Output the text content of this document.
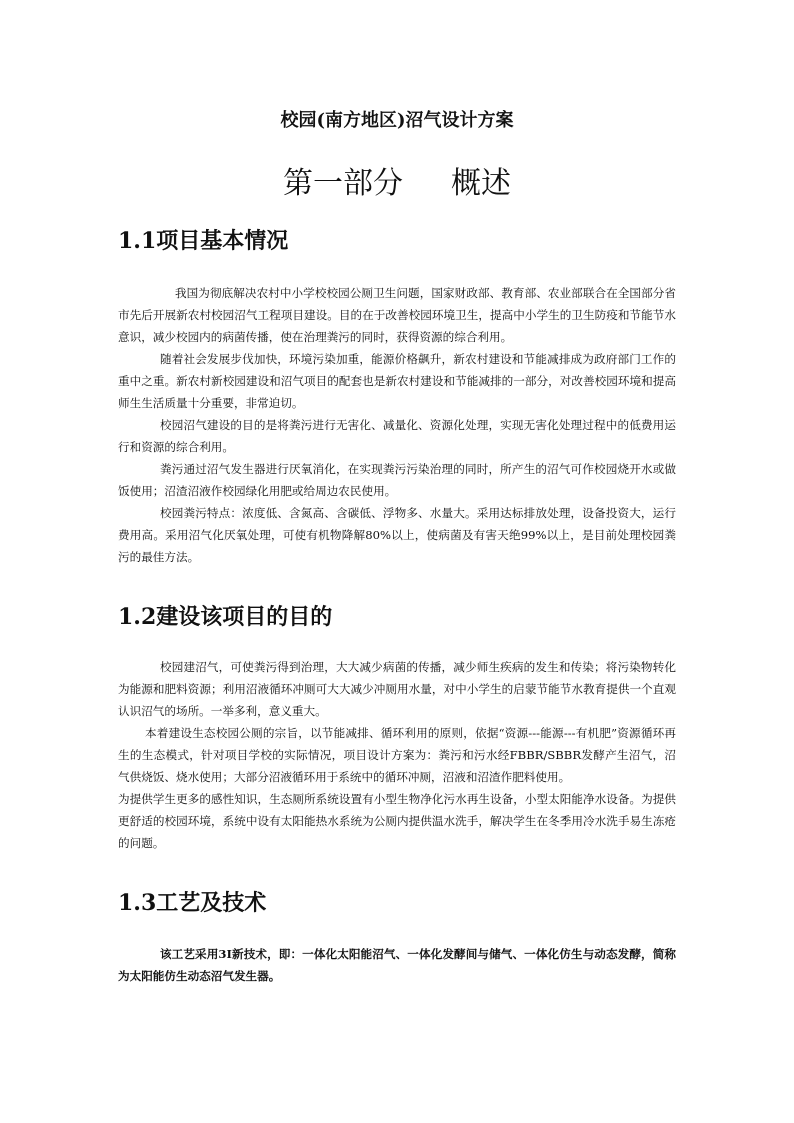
校园(南方地区)沼气设计方案
第一部分 概述
1.1项目基本情况

我国为彻底解决农村中小学校校园公厕卫生问题，国家财政部、教育部、农业部联合在全国部分省市先后开展新农村校园沼气工程项目建设。目的在于改善校园环境卫生，提高中小学生的卫生防疫和节能节水意识，减少校园内的病菌传播，使在治理粪污的同时，获得资源的综合利用。

随着社会发展步伐加快，环境污染加重，能源价格飙升，新农村建设和节能减排成为政府部门工作的重中之重。新农村新校园建设和沼气项目的配套也是新农村建设和节能减排的一部分，对改善校园环境和提高师生生活质量十分重要，非常迫切。

校园沼气建设的目的是将粪污进行无害化、减量化、资源化处理，实现无害化处理过程中的低费用运行和资源的综合利用。

粪污通过沼气发生器进行厌氧消化，在实现粪污污染治理的同时，所产生的沼气可作校园烧开水或做饭使用；沼渣沼液作校园绿化用肥或给周边农民使用。

校园粪污特点：浓度低、含氮高、含碳低、浮物多、水量大。采用达标排放处理，设备投资大，运行费用高。采用沼气化厌氧处理，可使有机物降解80%以上，使病菌及有害天绝99%以上，是目前处理校园粪污的最佳方法。

1.2建设该项目的目的

校园建沼气，可使粪污得到治理，大大减少病菌的传播，减少师生疾病的发生和传染；将污染物转化为能源和肥料资源；利用沼液循环冲厕可大大减少冲厕用水量，对中小学生的启蒙节能节水教育提供一个直观认识沼气的场所。一举多利，意义重大。

本着建设生态校园公厕的宗旨，以节能减排、循环利用的原则，依据“资源---能源---有机肥”资源循环再生的生态模式，针对项目学校的实际情况，项目设计方案为：粪污和污水经FBBR/SBBR发酵产生沼气，沼气供烧饭、烧水使用；大部分沼液循环用于系统中的循环冲厕，沼液和沼渣作肥料使用。

为提供学生更多的感性知识，生态厕所系统设置有小型生物净化污水再生设备，小型太阳能净水设备。为提供更舒适的校园环境，系统中设有太阳能热水系统为公厕内提供温水洗手，解决学生在冬季用冷水洗手易生冻疮的问题。

1.3工艺及技术

该工艺采用3I新技术，即：一体化太阳能沼气、一体化发酵间与储气、一体化仿生与动态发酵，简称为太阳能仿生动态沼气发生器。
